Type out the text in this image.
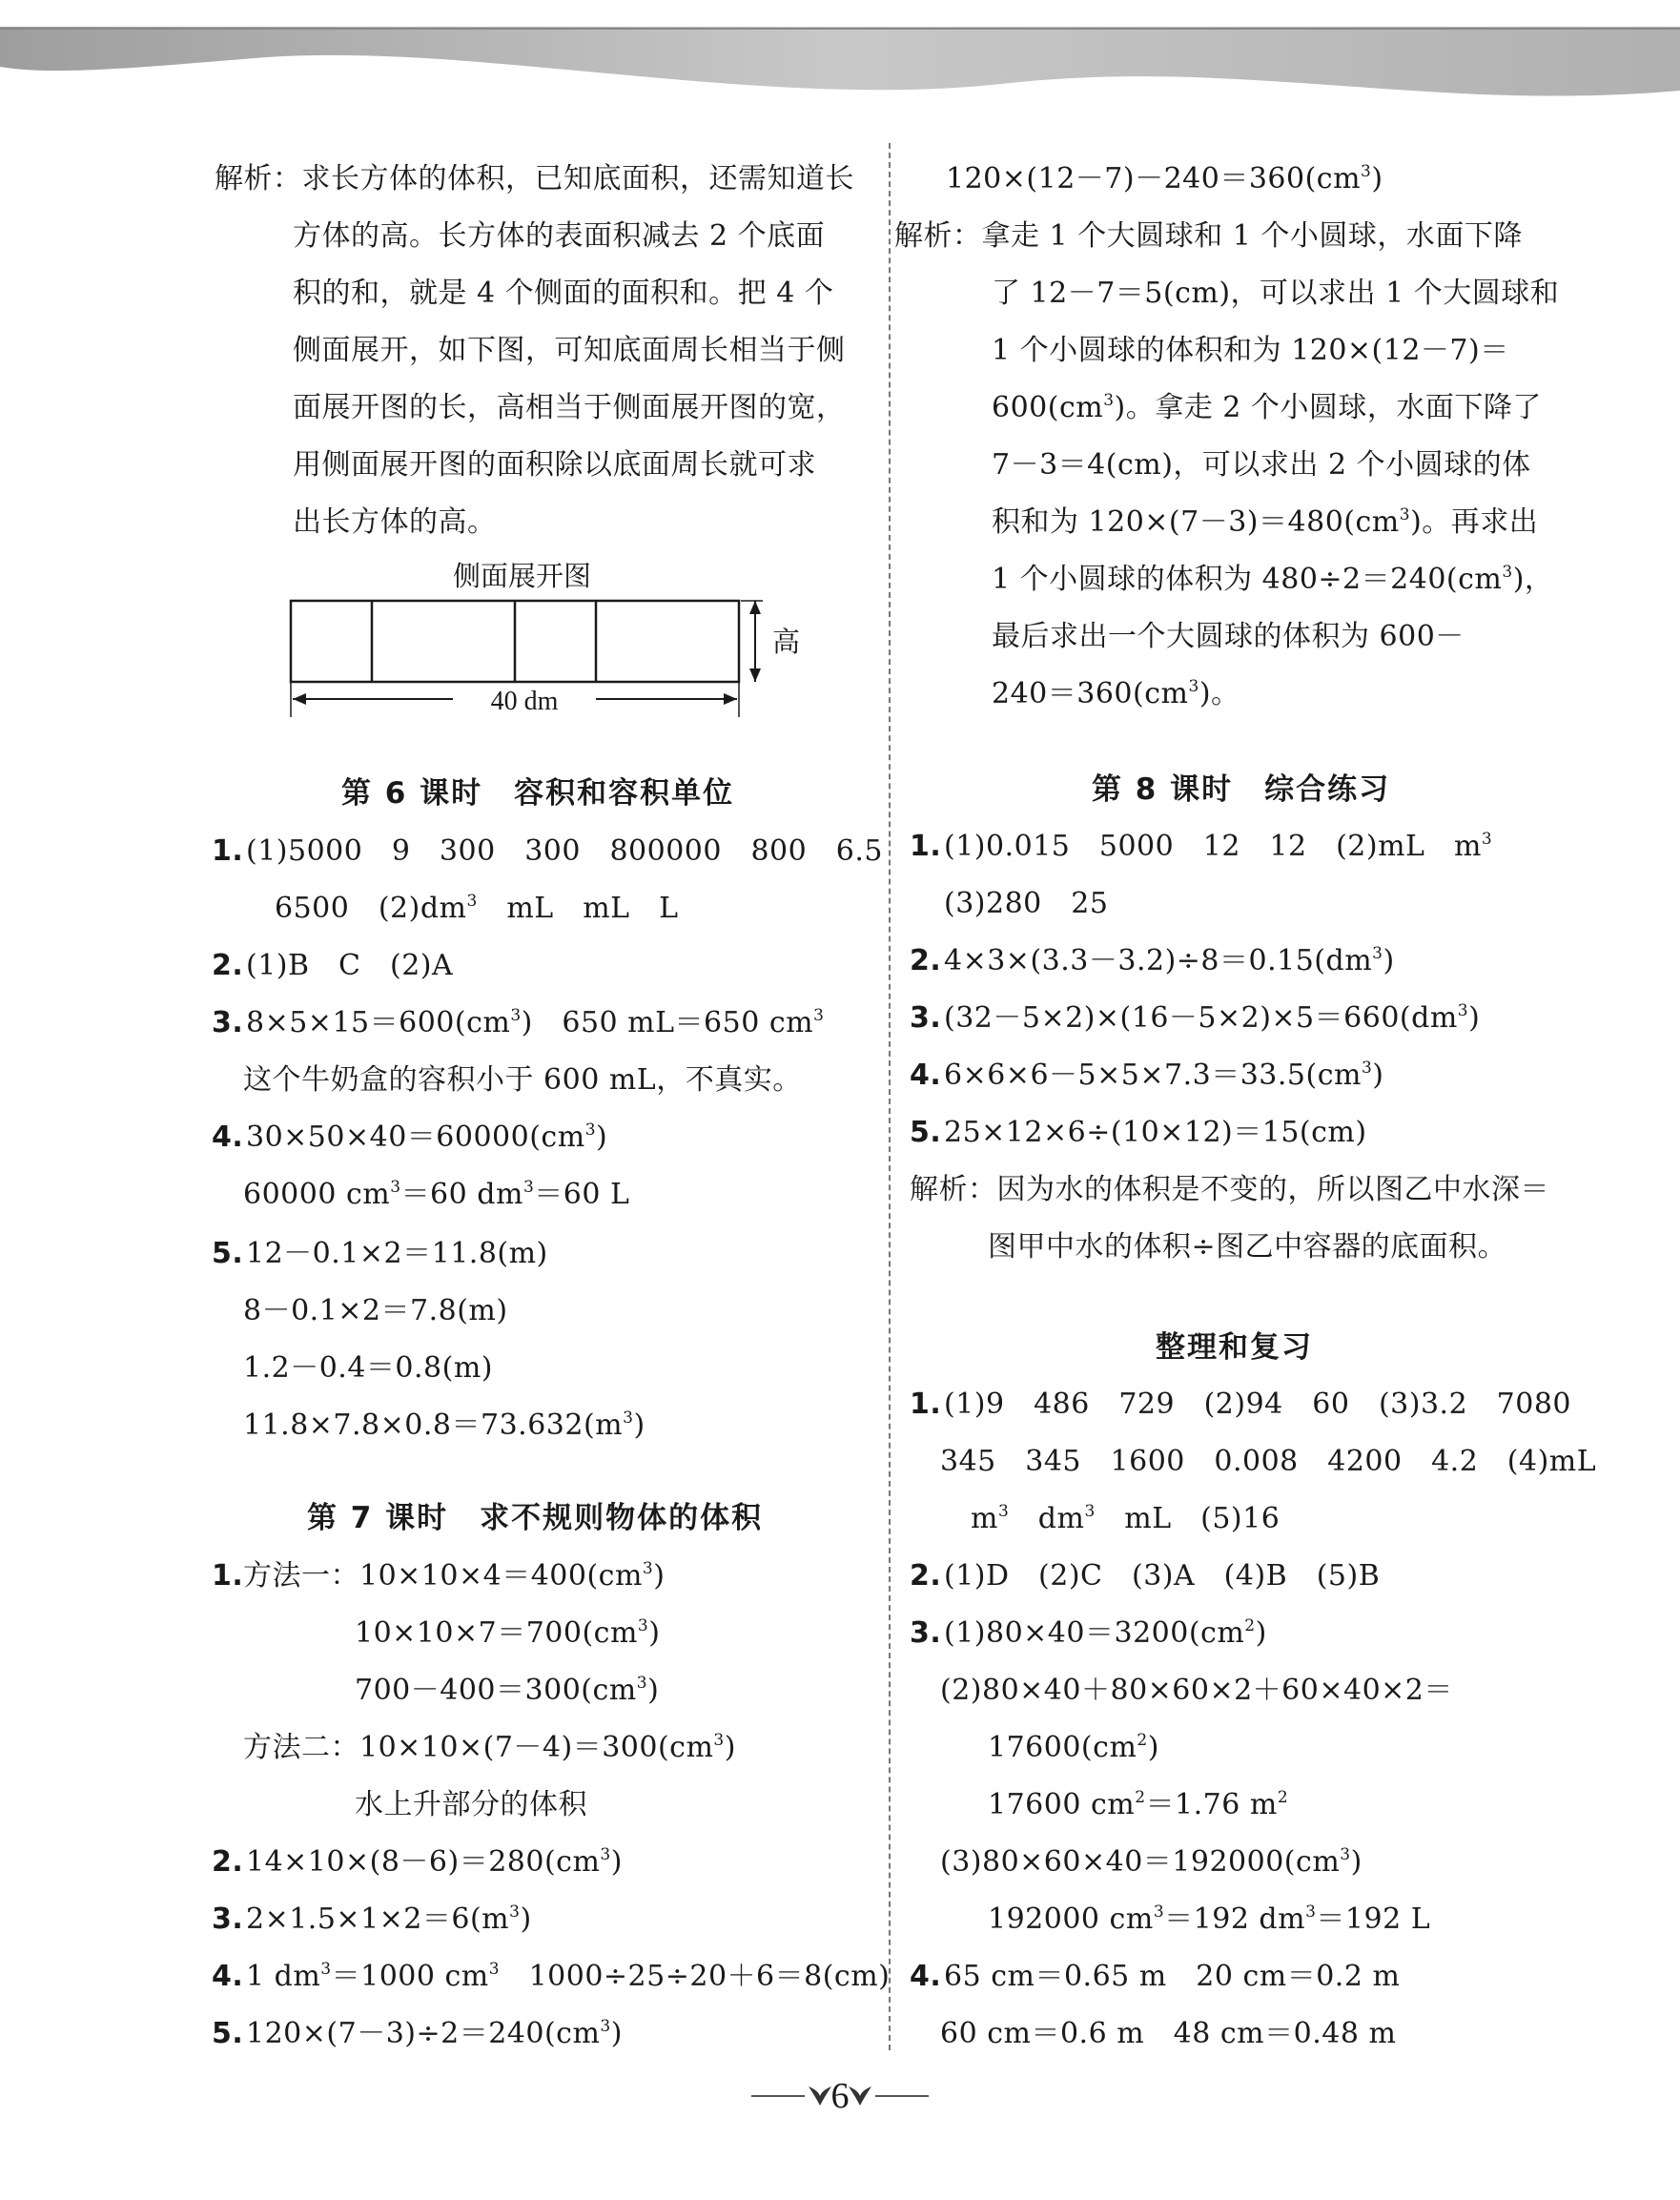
解析：求长方体的体积，已知底面积，还需知道长
方体的高。长方体的表面积减去 2 个底面
积的和，就是 4 个侧面的面积和。把 4 个
侧面展开，如下图，可知底面周长相当于侧
面展开图的长，高相当于侧面展开图的宽，
用侧面展开图的面积除以底面周长就可求
出长方体的高。
侧面展开图
40 dm
高
第 6 课时　容积和容积单位
1. (1)5000　9　300　300　800000　800　6.5
6500　$(2)dm^3$　mL　mL　L
2. (1)B　C　(2)A
3. $8\times 5\times 15=600(cm^3)$　650 mL＝650 $cm^3$
这个牛奶盒的容积小于 600 mL，不真实。
4. $30\times 50\times 40=60000(cm^3)$
60000 $cm^3=60$ $dm^3=60$ L
5. 12－0.1×2＝11.8(m)
8－0.1×2＝7.8(m)
1.2－0.4＝0.8(m)
$11.8\times 7.8\times 0.8=73.632(m^3)$
第 7 课时　求不规则物体的体积
1. 方法一：$10\times 10\times 4=400(cm^3)$
$10\times 10\times 7=700(cm^3)$
$700-400=300(cm^3)$
方法二：$10\times 10\times(7-4)=300(cm^3)$
水上升部分的体积
2. $14\times 10\times(8-6)=280(cm^3)$
3. $2\times 1.5\times 1\times 2=6(m^3)$
4. 1 $dm^3=1000$ $cm^3$　1000÷25÷20＋6＝8(cm)
5. $120\times(7-3)\div 2=240(cm^3)$
$120\times(12-7)-240=360(cm^3)$
解析：拿走 1 个大圆球和 1 个小圆球，水面下降
了 12－7＝5(cm)，可以求出 1 个大圆球和
1 个小圆球的体积和为 120×(12－7)＝
$600(cm^3)$。拿走 2 个小圆球，水面下降了
7－3＝4(cm)，可以求出 2 个小圆球的体
积和为 $120\times(7-3)=480(cm^3)$。再求出
1 个小圆球的体积为 $480\div 2=240(cm^3)$，
最后求出一个大圆球的体积为 600－
$240=360(cm^3)$。
第 8 课时　综合练习
1. (1)0.015　5000　12　12　(2)mL　$m^3$
(3)280　25
2. $4\times 3\times(3.3-3.2)\div 8=0.15(dm^3)$
3. $(32-5\times 2)\times(16-5\times 2)\times 5=660(dm^3)$
4. $6\times 6\times 6-5\times 5\times 7.3=33.5(cm^3)$
5. 25×12×6÷(10×12)＝15(cm)
解析：因为水的体积是不变的，所以图乙中水深＝
图甲中水的体积÷图乙中容器的底面积。
整理和复习
1. (1)9　486　729　(2)94　60　(3)3.2　7080
345　345　1600　0.008　4200　4.2　(4)mL
$m^3$　$dm^3$　mL　(5)16
2. (1)D　(2)C　(3)A　(4)B　(5)B
3. $(1)80\times 40=3200(cm^2)$
(2)80×40＋80×60×2＋60×40×2＝
$17600(cm^2)$
17600 $cm^2=1.76$ $m^2$
$(3)80\times 60\times 40=192000(cm^3)$
192000 $cm^3=192$ $dm^3=192$ L
4. 65 cm＝0.65 m　20 cm＝0.2 m
60 cm＝0.6 m　48 cm＝0.48 m
6
